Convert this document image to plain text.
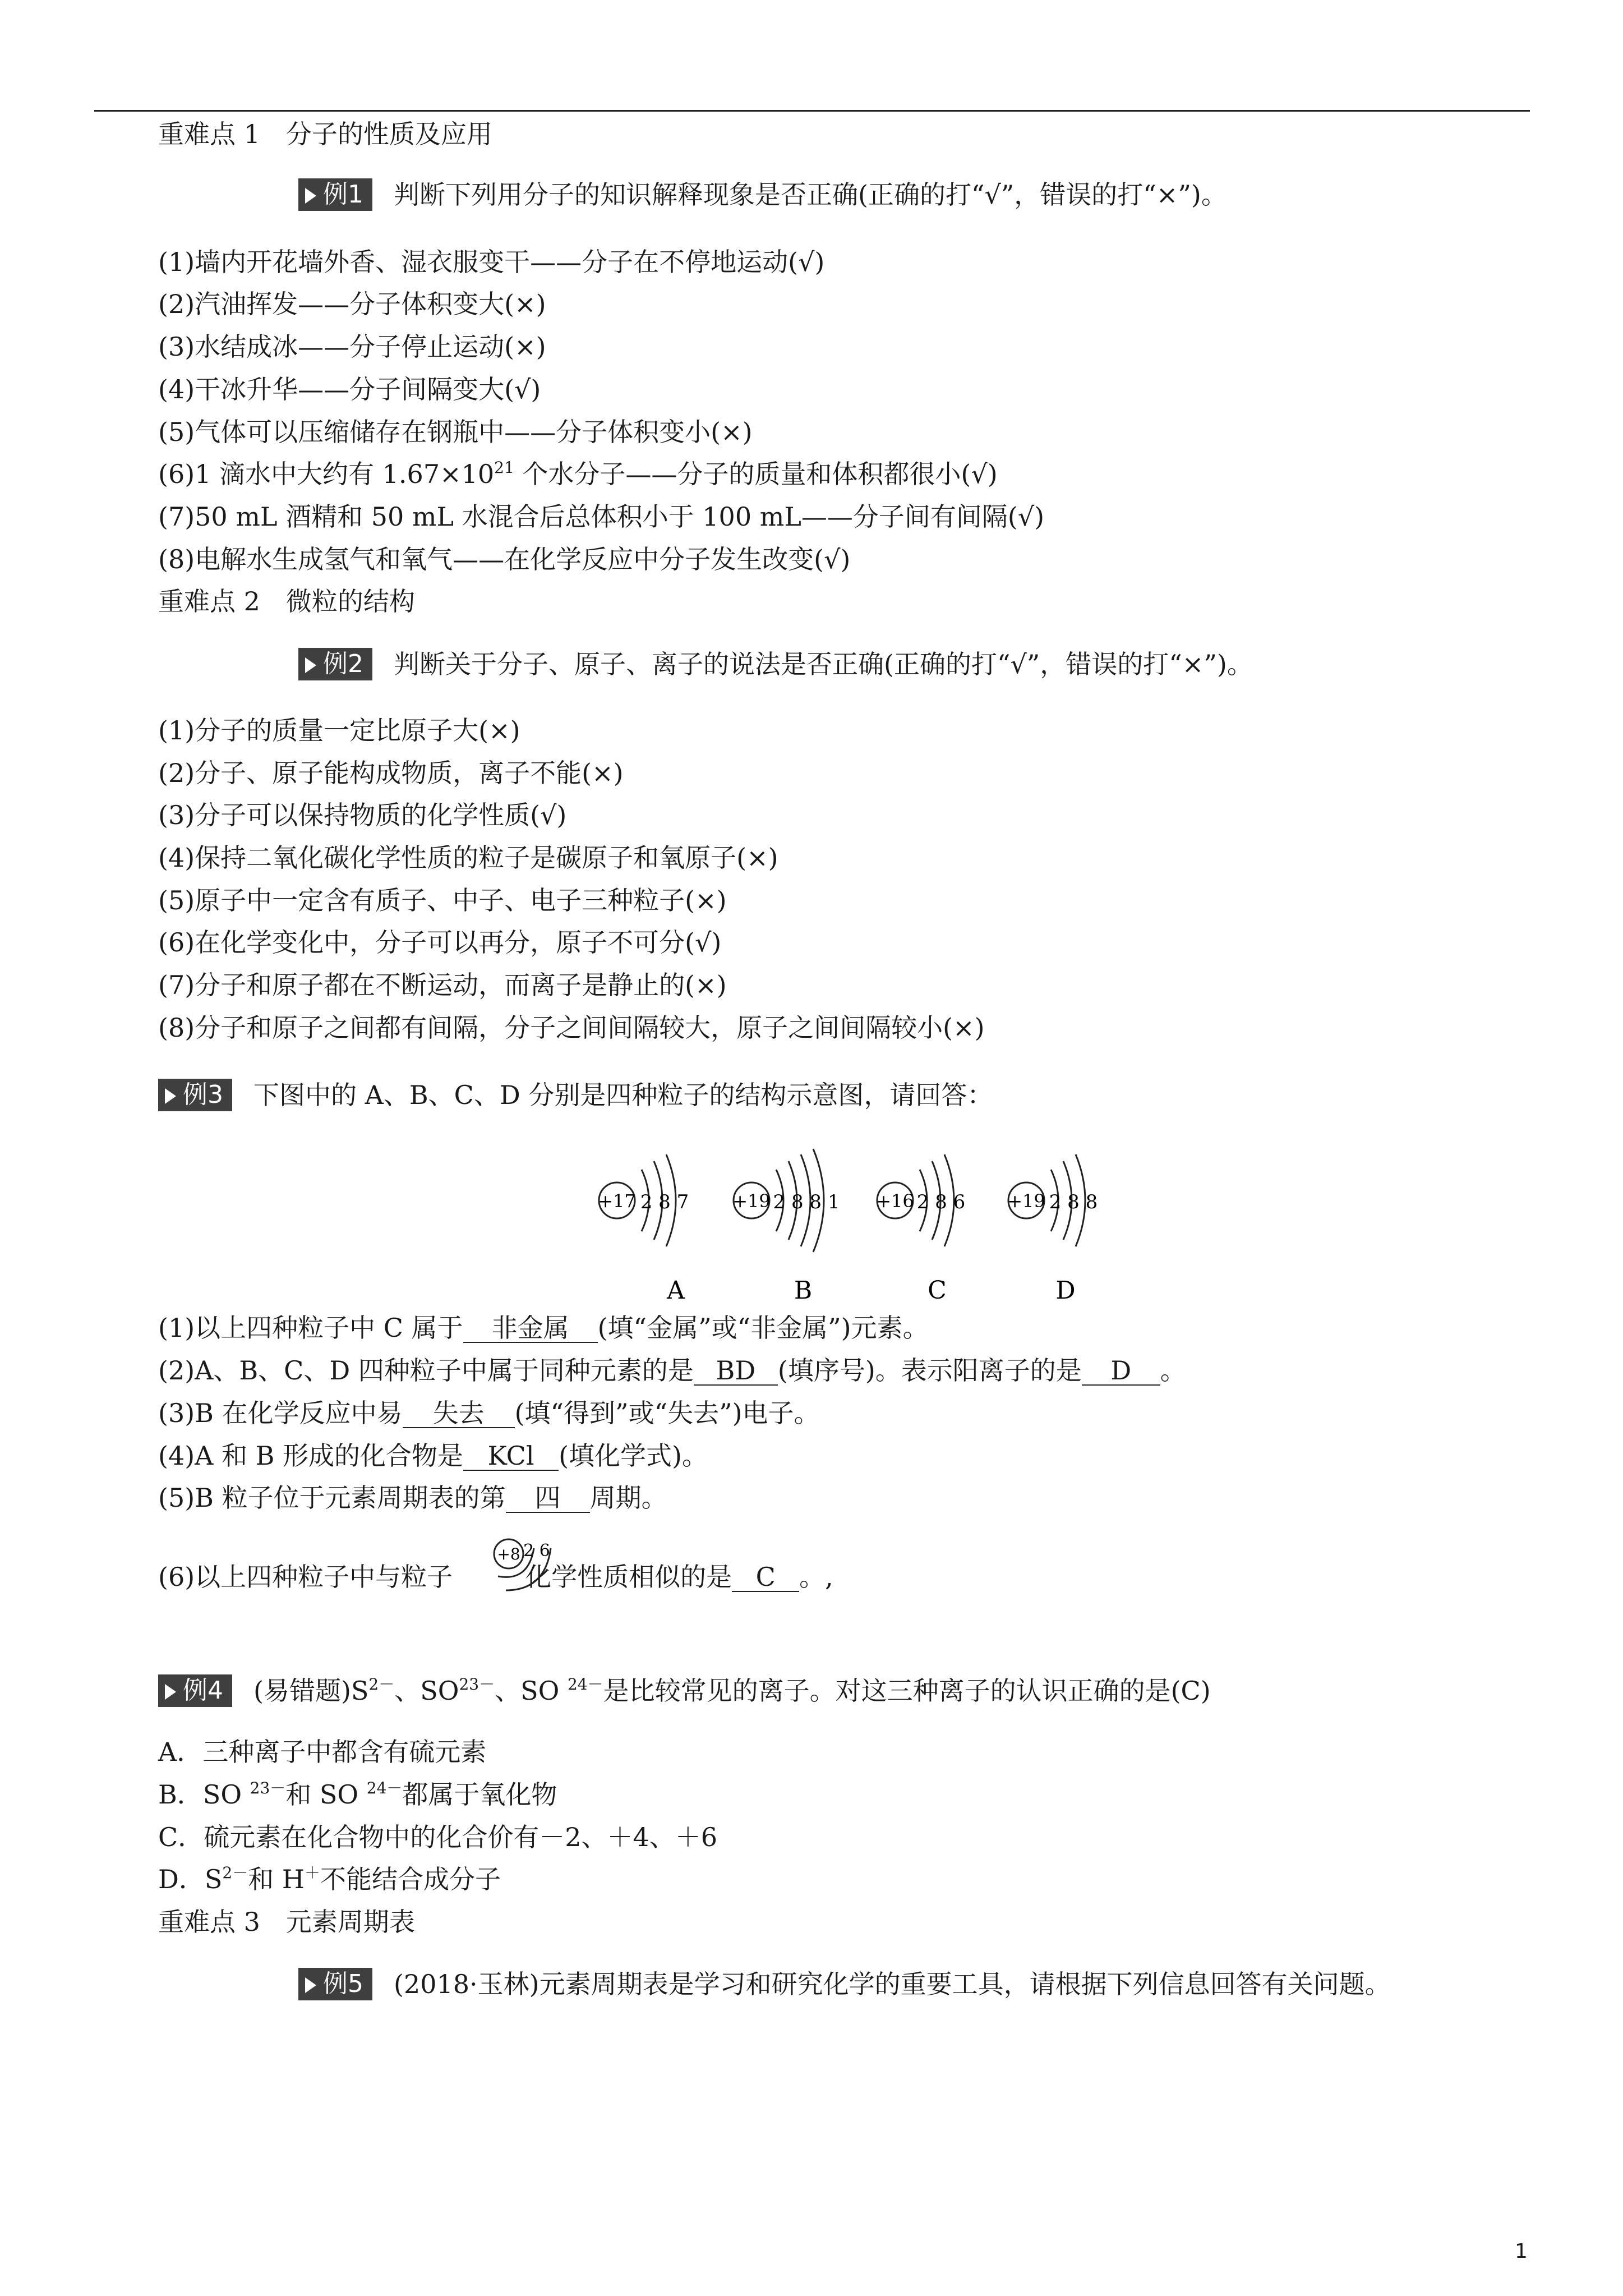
重难点 1　分子的性质及应用
例1 判断下列用分子的知识解释现象是否正确(正确的打“√”，错误的打“×”)。
(1)墙内开花墙外香、湿衣服变干——分子在不停地运动(√)
(2)汽油挥发——分子体积变大(×)
(3)水结成冰——分子停止运动(×)
(4)干冰升华——分子间隔变大(√)
(5)气体可以压缩储存在钢瓶中——分子体积变小(×)
(6)1 滴水中大约有 $1.67\times 10^{21}$ 个水分子——分子的质量和体积都很小(√)
(7)50 mL 酒精和 50 mL 水混合后总体积小于 100 mL——分子间有间隔(√)
(8)电解水生成氢气和氧气——在化学反应中分子发生改变(√)
重难点 2　微粒的结构
例2 判断关于分子、原子、离子的说法是否正确(正确的打“√”，错误的打“×”)。
(1)分子的质量一定比原子大(×)
(2)分子、原子能构成物质，离子不能(×)
(3)分子可以保持物质的化学性质(√)
(4)保持二氧化碳化学性质的粒子是碳原子和氧原子(×)
(5)原子中一定含有质子、中子、电子三种粒子(×)
(6)在化学变化中，分子可以再分，原子不可分(√)
(7)分子和原子都在不断运动，而离子是静止的(×)
(8)分子和原子之间都有间隔，分子之间间隔较大，原子之间间隔较小(×)
例3 下图中的 A、B、C、D 分别是四种粒子的结构示意图，请回答：
+17 2 8 7
A
+19 2 8 8 1
B
+16 2 8 6
C
+19 2 8 8
D
(1)以上四种粒子中 C 属于 非金属 (填“金属”或“非金属”)元素。
(2)A、B、C、D 四种粒子中属于同种元素的是 BD (填序号)。表示阳离子的是 D 。
(3)B 在化学反应中易 失去 (填“得到”或“失去”)电子。
(4)A 和 B 形成的化合物是 KCl (填化学式)。
(5)B 粒子位于元素周期表的第 四 周期。
+8 2 6
(6)以上四种粒子中与粒子	化学性质相似的是 C 。,
例4 (易错题)$S^{2-}$、$SO^{23-}$、SO $^{24-}$是比较常见的离子。对这三种离子的认识正确的是(C)
A．三种离子中都含有硫元素
B．SO $^{23-}$和 SO $^{24-}$都属于氧化物
C．硫元素在化合物中的化合价有－2、＋4、＋6
D．$S^{2-}$和 H＋不能结合成分子
重难点 3　元素周期表
例5 (2018·玉林)元素周期表是学习和研究化学的重要工具，请根据下列信息回答有关问题。
1
